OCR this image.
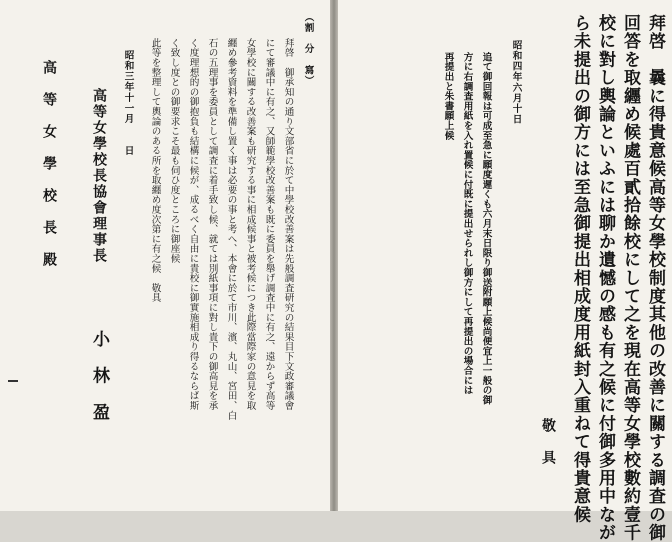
拜啓　曩に得貴意候高等女學校制度其他の改善に關する調査の御
回答を取纒め候處百貳拾餘校にして之を現在高等女學校數約壹千
校に對し輿論といふには聊か遺憾の感も有之候に付御多用中なが
ら未提出の御方には至急御提出相成度用紙封入重ねて得貴意候
敬　具
昭和四年六月十日
追て御回報は可成至急に願度遲くも六月末日限り御送附願上候尚便宜上一般の御
方に右調査用紙を入れ置候に付既に提出せられし御方にして再提出の場合には
再提出と朱書願上候
（割　分　寫）
拜啓　御承知の通り文部省に於て中學校改善案は先般調査研究の結果目下文政審議會
にて審議中に有之、又師範學校改善案も既に委員を舉げ調査中に有之、遠からず高等
女學校に關する改善案も研究する事に相成候事と被考候につき此際當際家の意見を取
纒め參考資料を準備し置く事は必要の事と考へ、本會に於て市川、濱、丸山、宮田、白
石の五理事を委員として調査に着手致し候、就ては別紙事項に對し貴下の御高見を承
く度理想的の御抱負も結構に候が、成るべく自由に貴校に御實施相成り得るならば斯
く致し度との御要求こそ最も伺ひ度ところに御座候
此等を整理して輿論のある所を取纒め度次第に有之候　敬具
昭和三年十一月　　日
高等女學校長協會理事長
小　林　盈
高　等　女　學　校　長　殿
